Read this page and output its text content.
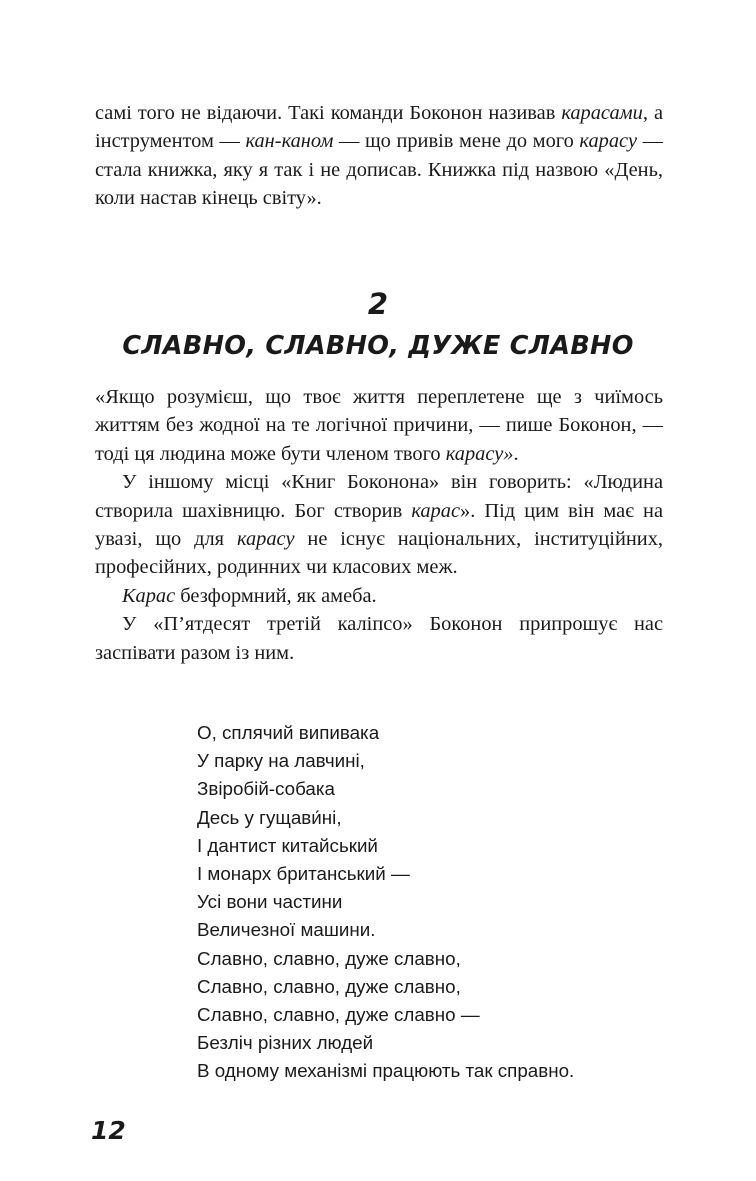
самі того не відаючи. Такі команди Боконон називав карасами, а інструментом — кан-каном — що привів мене до мого карасу — стала книжка, яку я так і не дописав. Книжка під назвою «День, коли настав кінець світу».

2
СЛАВНО, СЛАВНО, ДУЖЕ СЛАВНО

«Якщо розумієш, що твоє життя переплетене ще з чиїмось життям без жодної на те логічної причини, — пише Боконон, — тоді ця людина може бути членом твого карасу».

У іншому місці «Книг Боконона» він говорить: «Людина створила шахівницю. Бог створив карас». Під цим він має на увазі, що для карасу не існує національних, інституційних, професійних, родинних чи класових меж.

Карас безформний, як амеба.

У «П’ятдесят третій каліпсо» Боконон припрошує нас заспівати разом із ним.

О, сплячий випивака
У парку на лавчині,
Звіробій-собака
Десь у гущави́ні,
І дантист китайський
І монарх британський —
Усі вони частини
Величезної машини.
Славно, славно, дуже славно,
Славно, славно, дуже славно,
Славно, славно, дуже славно —
Безліч різних людей
В одному механізмі працюють так справно.
12
